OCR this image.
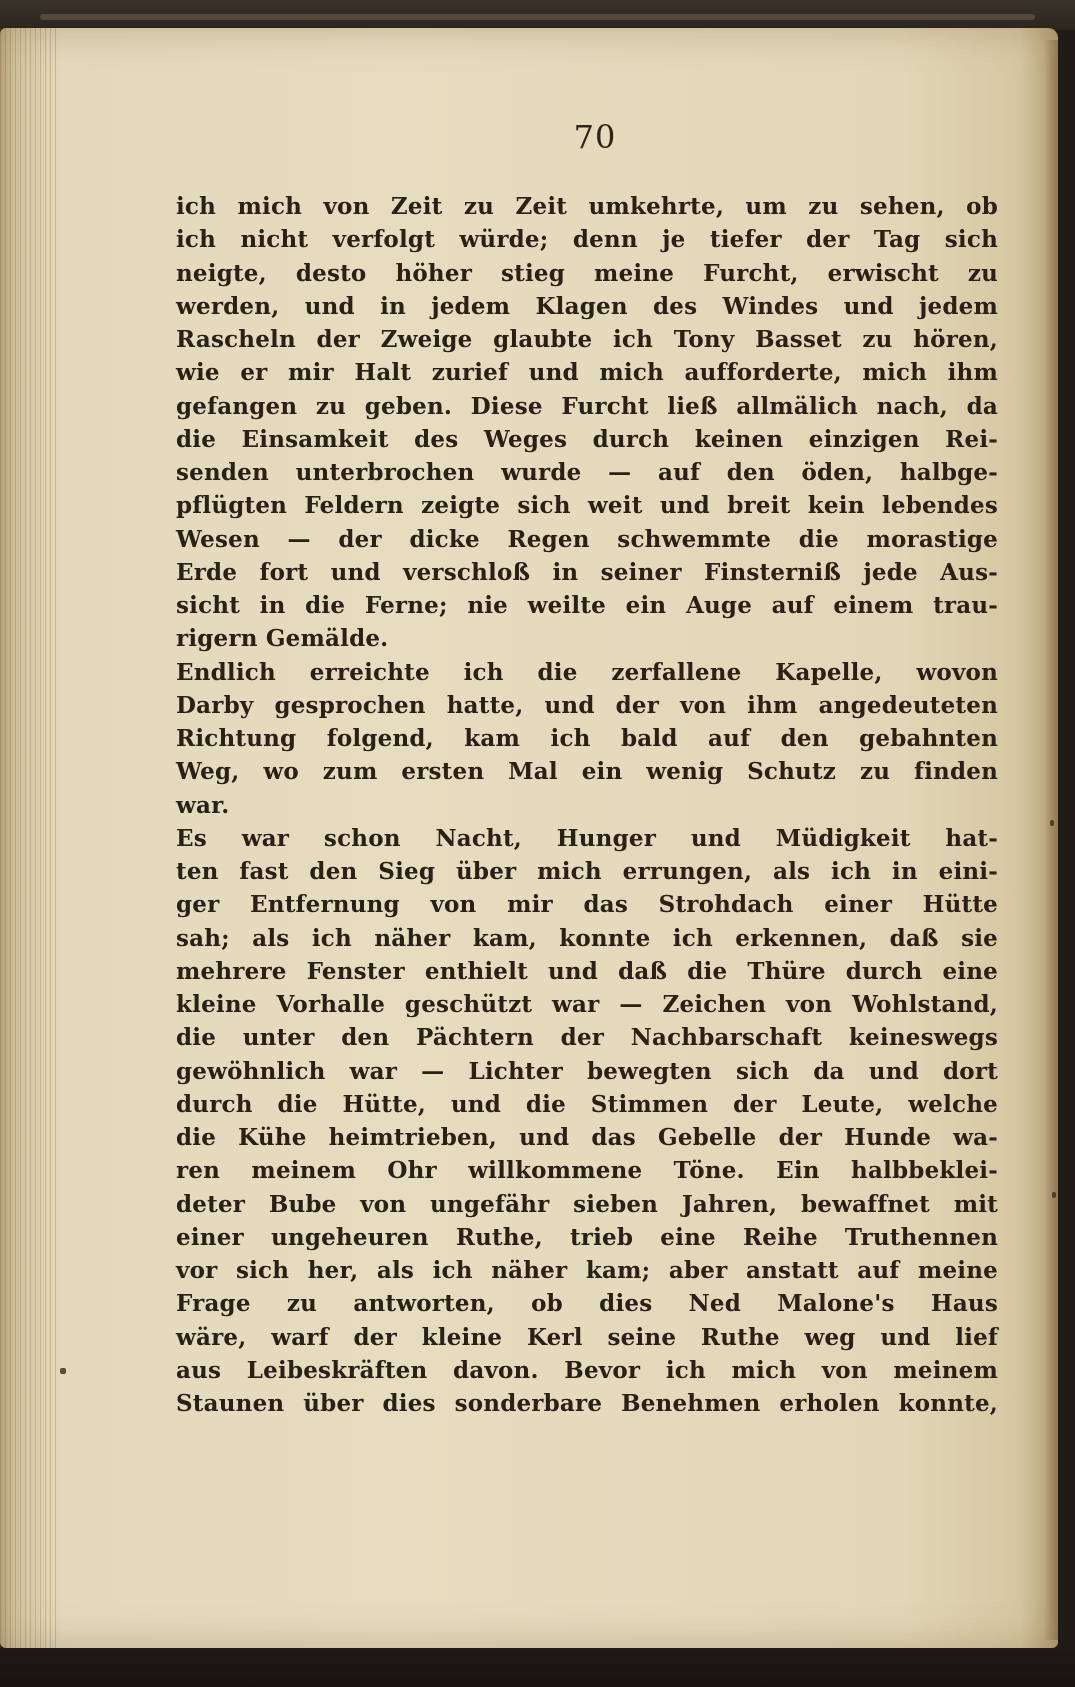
70
ich mich von Zeit zu Zeit umkehrte, um zu sehen, ob
ich nicht verfolgt würde; denn je tiefer der Tag sich
neigte, desto höher stieg meine Furcht, erwischt zu
werden, und in jedem Klagen des Windes und jedem
Rascheln der Zweige glaubte ich Tony Basset zu hören,
wie er mir Halt zurief und mich aufforderte, mich ihm
gefangen zu geben. Diese Furcht ließ allmälich nach, da
die Einsamkeit des Weges durch keinen einzigen Rei-
senden unterbrochen wurde — auf den öden, halbge-
pflügten Feldern zeigte sich weit und breit kein lebendes
Wesen — der dicke Regen schwemmte die morastige
Erde fort und verschloß in seiner Finsterniß jede Aus-
sicht in die Ferne; nie weilte ein Auge auf einem trau-
rigern Gemälde.
Endlich erreichte ich die zerfallene Kapelle, wovon
Darby gesprochen hatte, und der von ihm angedeuteten
Richtung folgend, kam ich bald auf den gebahnten
Weg, wo zum ersten Mal ein wenig Schutz zu finden
war.
Es war schon Nacht, Hunger und Müdigkeit hat-
ten fast den Sieg über mich errungen, als ich in eini-
ger Entfernung von mir das Strohdach einer Hütte
sah; als ich näher kam, konnte ich erkennen, daß sie
mehrere Fenster enthielt und daß die Thüre durch eine
kleine Vorhalle geschützt war — Zeichen von Wohlstand,
die unter den Pächtern der Nachbarschaft keineswegs
gewöhnlich war — Lichter bewegten sich da und dort
durch die Hütte, und die Stimmen der Leute, welche
die Kühe heimtrieben, und das Gebelle der Hunde wa-
ren meinem Ohr willkommene Töne. Ein halbbeklei-
deter Bube von ungefähr sieben Jahren, bewaffnet mit
einer ungeheuren Ruthe, trieb eine Reihe Truthennen
vor sich her, als ich näher kam; aber anstatt auf meine
Frage zu antworten, ob dies Ned Malone's Haus
wäre, warf der kleine Kerl seine Ruthe weg und lief
aus Leibeskräften davon. Bevor ich mich von meinem
Staunen über dies sonderbare Benehmen erholen konnte,
